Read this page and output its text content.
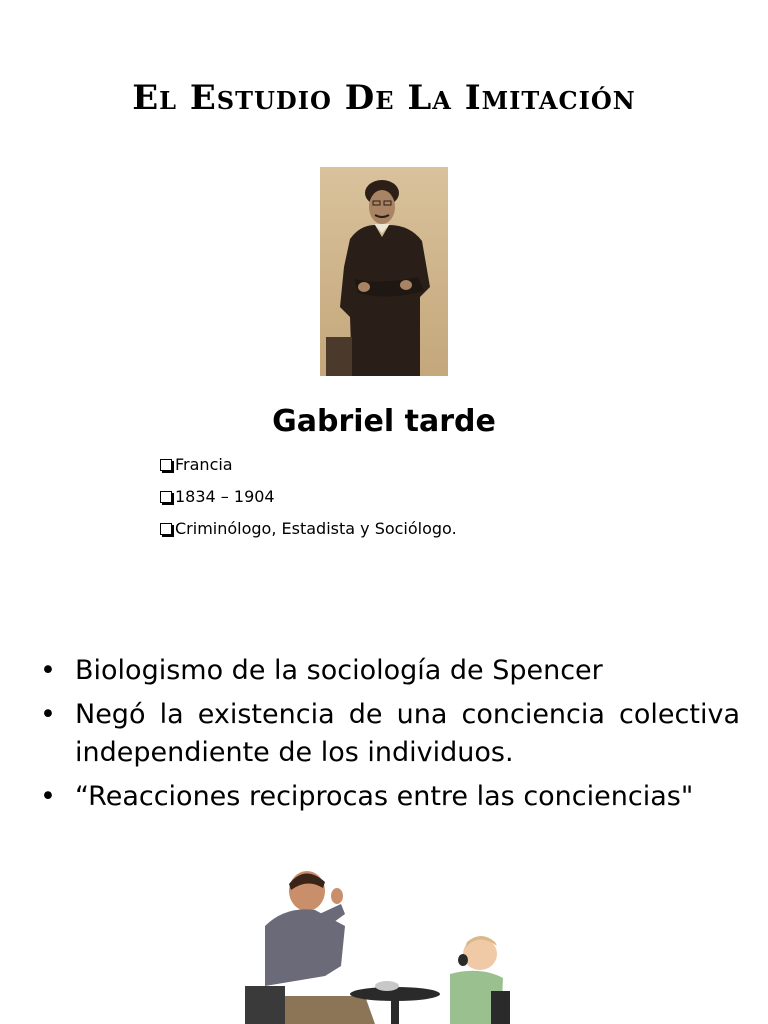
El Estudio De La Imitación
Gabriel tarde
Francia
1834 – 1904
Criminólogo, Estadista y Sociólogo.
• Biologismo de la sociología de Spencer
• Negó la existencia de una conciencia colectiva independiente de los individuos.
• “Reacciones reciprocas entre las conciencias"
